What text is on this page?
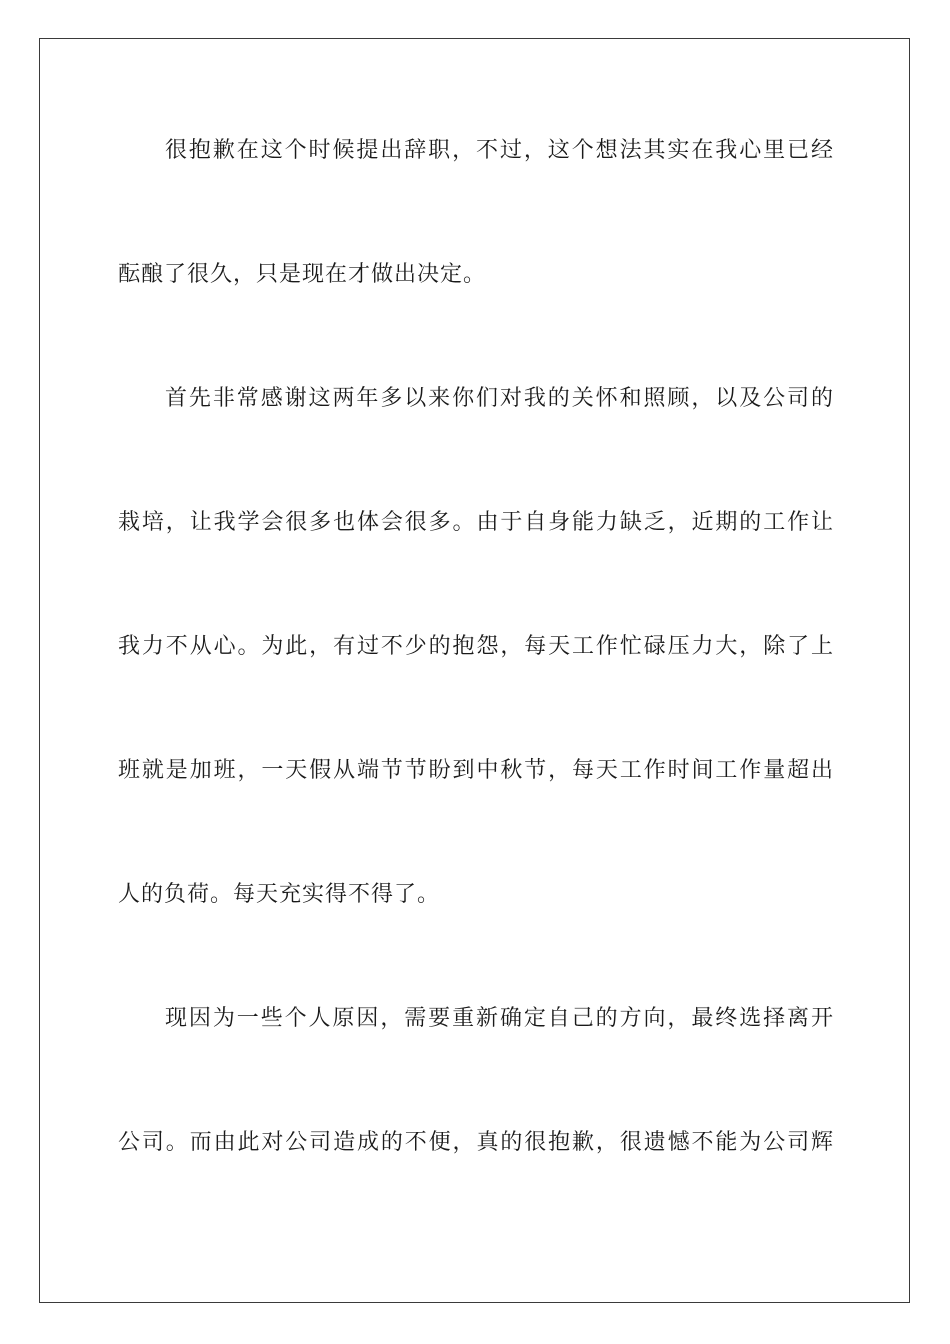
很抱歉在这个时候提出辞职，不过，这个想法其实在我心里已经
酝酿了很久，只是现在才做出决定。
首先非常感谢这两年多以来你们对我的关怀和照顾，以及公司的
栽培，让我学会很多也体会很多。由于自身能力缺乏，近期的工作让
我力不从心。为此，有过不少的抱怨，每天工作忙碌压力大，除了上
班就是加班，一天假从端节节盼到中秋节，每天工作时间工作量超出
人的负荷。每天充实得不得了。
现因为一些个人原因，需要重新确定自己的方向，最终选择离开
公司。而由此对公司造成的不便，真的很抱歉，很遗憾不能为公司辉
